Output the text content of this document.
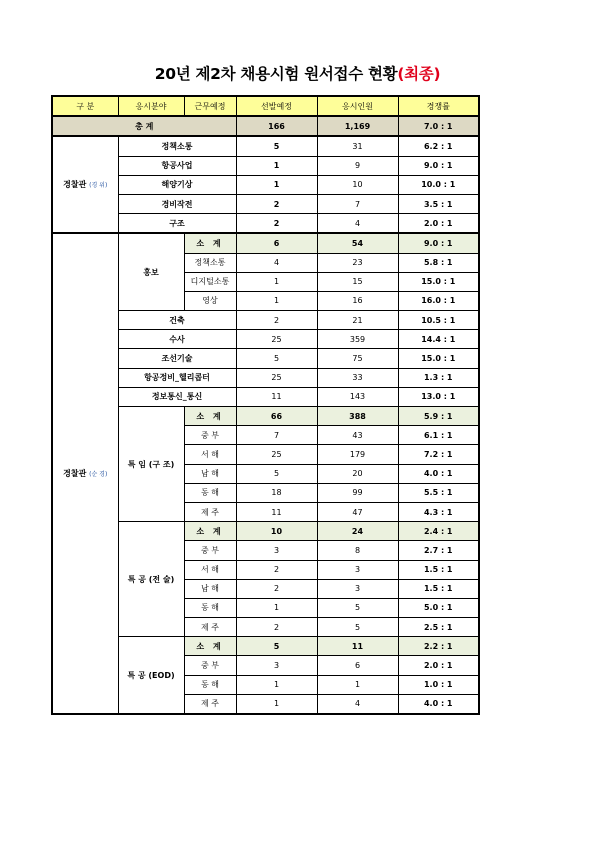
20년 제2차 채용시험 원서접수 현황(최종)
구 분	응시분야	근무예정	선발예정	응시인원	경쟁률
총 계			166	1,169	7.0 : 1
경찰관 (경 위)	정책소통		5	31	6.2 : 1
	항공사업		1	9	9.0 : 1
	해양기상		1	10	10.0 : 1
	경비작전		2	7	3.5 : 1
	구조		2	4	2.0 : 1
경찰관 (순 경)	홍보	소 계	6	54	9.0 : 1
		정책소통	4	23	5.8 : 1
		디지털소통	1	15	15.0 : 1
		영상	1	16	16.0 : 1
	건축		2	21	10.5 : 1
	수사		25	359	14.4 : 1
	조선기술		5	75	15.0 : 1
	항공정비_헬리콥터		25	33	1.3 : 1
	정보통신_통신		11	143	13.0 : 1
	특 임 (구 조)	소 계	66	388	5.9 : 1
		중 부	7	43	6.1 : 1
		서 해	25	179	7.2 : 1
		남 해	5	20	4.0 : 1
		동 해	18	99	5.5 : 1
		제 주	11	47	4.3 : 1
	특 공 (전 술)	소 계	10	24	2.4 : 1
		중 부	3	8	2.7 : 1
		서 해	2	3	1.5 : 1
		남 해	2	3	1.5 : 1
		동 해	1	5	5.0 : 1
		제 주	2	5	2.5 : 1
	특 공 (EOD)	소 계	5	11	2.2 : 1
		중 부	3	6	2.0 : 1
		동 해	1	1	1.0 : 1
		제 주	1	4	4.0 : 1
